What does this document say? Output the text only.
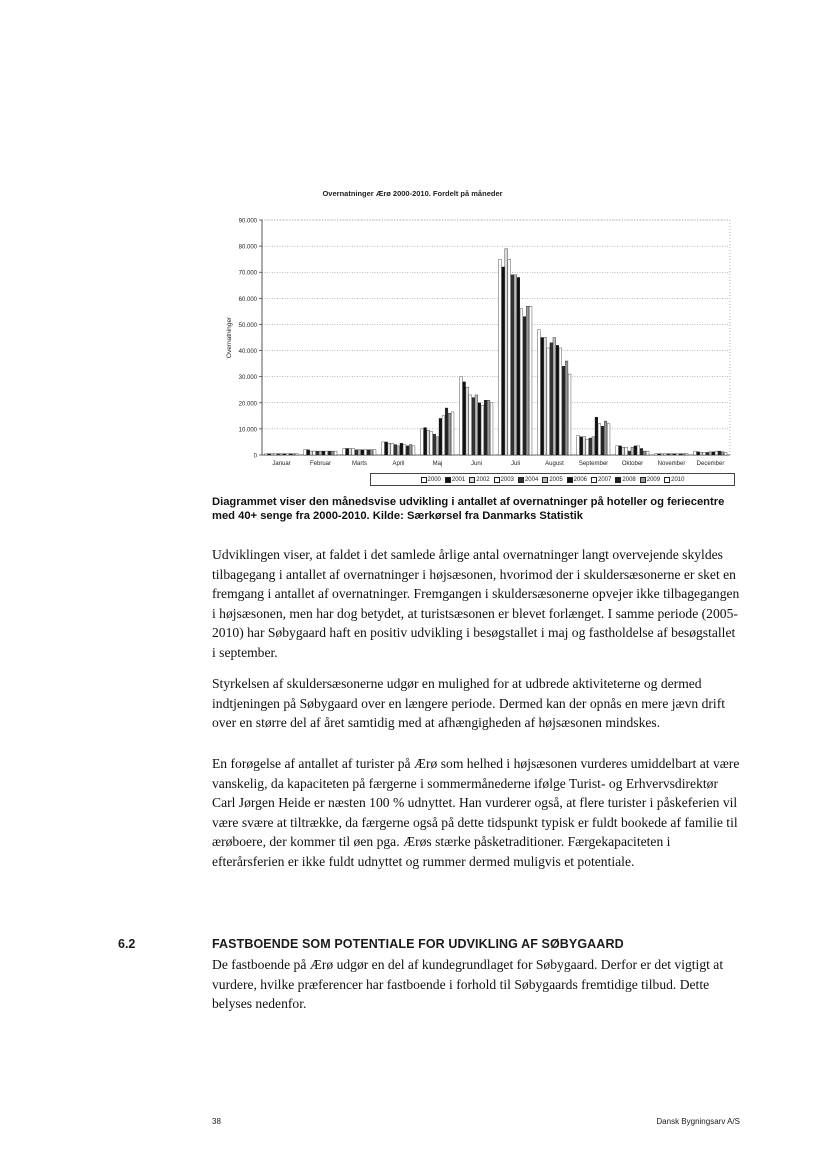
Overnatninger Ærø 2000-2010. Fordelt på måneder
90.000
80.000
70.000
60.000
50.000
40.000
30.000
20.000
10.000
0
Overnatninger
Januar	Februar	Marts	April	Maj	Juni	Juli	August September Oktober November December
2000 2001 2002 2003 2004 2005 2006 2007 2008 2009 2010
Diagrammet viser den månedsvise udvikling i antallet af overnatninger på hoteller og feriecentre med 40+ senge fra 2000-2010. Kilde: Særkørsel fra Danmarks Statistik
Udviklingen viser, at faldet i det samlede årlige antal overnatninger langt overvejende skyldes tilbagegang i antallet af overnatninger i højsæsonen, hvorimod der i skuldersæsonerne er sket en fremgang i antallet af overnatninger. Fremgangen i skuldersæsonerne opvejer ikke tilbagegangen i højsæsonen, men har dog betydet, at turistsæsonen er blevet forlænget. I samme periode (2005-2010) har Søbygaard haft en positiv udvikling i besøgstallet i maj og fastholdelse af besøgstallet i september.
Styrkelsen af skuldersæsonerne udgør en mulighed for at udbrede aktiviteterne og dermed indtjeningen på Søbygaard over en længere periode. Dermed kan der opnås en mere jævn drift over en større del af året samtidig med at afhængigheden af højsæsonen mindskes.
En forøgelse af antallet af turister på Ærø som helhed i højsæsonen vurderes umiddelbart at være vanskelig, da kapaciteten på færgerne i sommermånederne ifølge Turist- og Erhvervsdirektør Carl Jørgen Heide er næsten 100 % udnyttet. Han vurderer også, at flere turister i påskeferien vil være svære at tiltrække, da færgerne også på dette tidspunkt typisk er fuldt bookede af familie til ærøboere, der kommer til øen pga. Ærøs stærke påsketraditioner. Færgekapaciteten i efterårsferien er ikke fuldt udnyttet og rummer dermed muligvis et potentiale.
6.2	FASTBOENDE SOM POTENTIALE FOR UDVIKLING AF SØBYGAARD
De fastboende på Ærø udgør en del af kundegrundlaget for Søbygaard. Derfor er det vigtigt at vurdere, hvilke præferencer har fastboende i forhold til Søbygaards fremtidige tilbud. Dette belyses nedenfor.
38	Dansk Bygningsarv A/S
